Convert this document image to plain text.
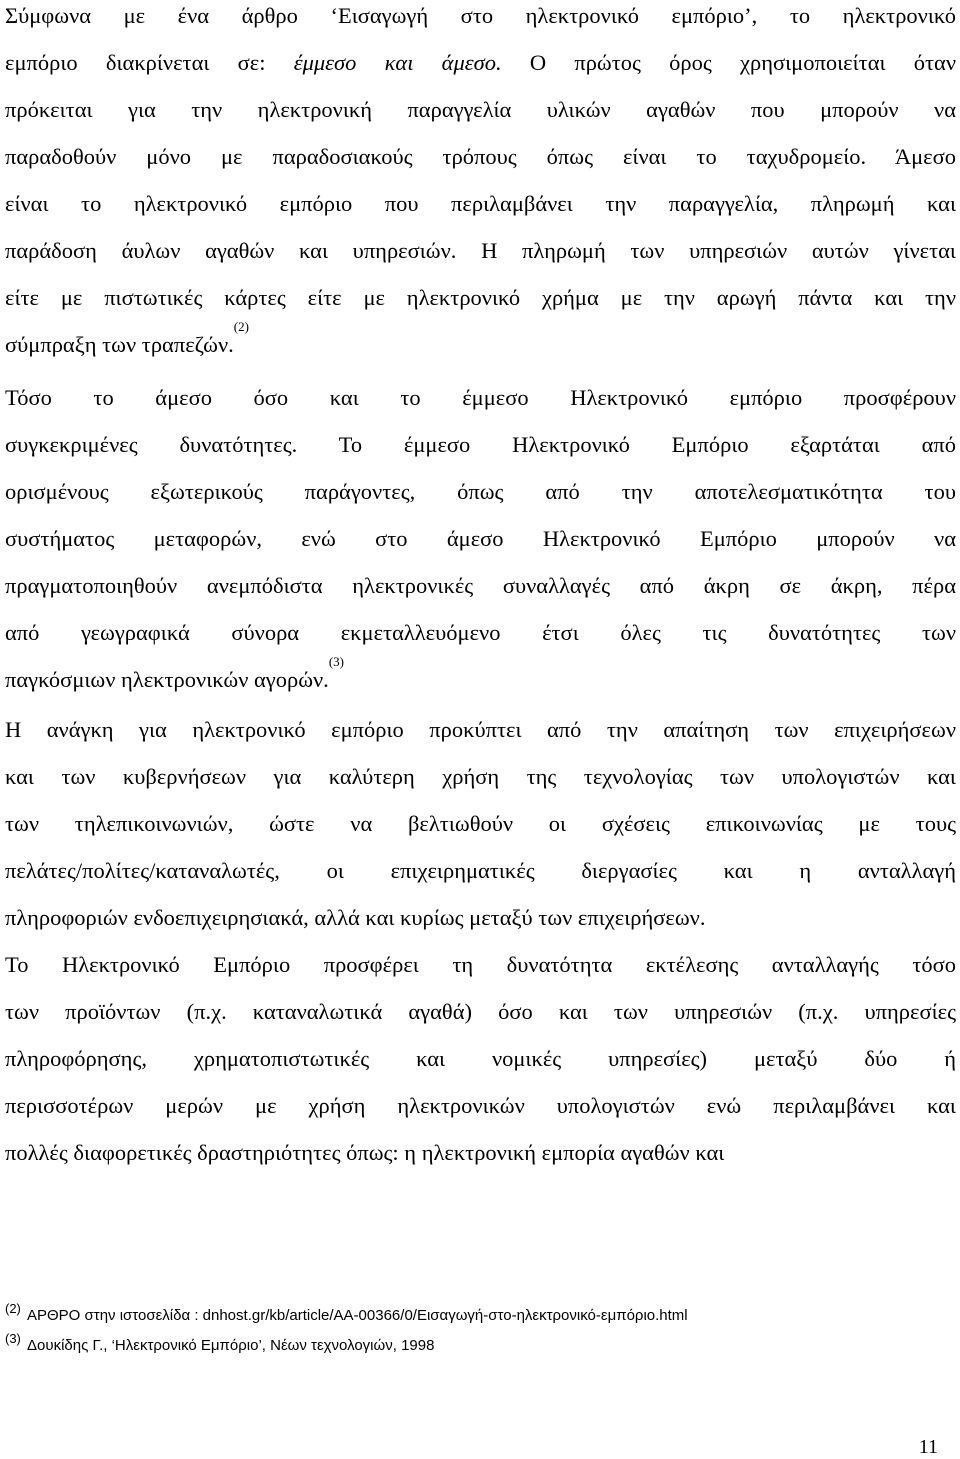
Σύμφωνα με ένα άρθρο ‘Εισαγωγή στο ηλεκτρονικό εμπόριο’, το ηλεκτρονικό
εμπόριο διακρίνεται σε: έμμεσο και άμεσο. Ο πρώτος όρος χρησιμοποιείται όταν
πρόκειται για την ηλεκτρονική παραγγελία υλικών αγαθών που μπορούν να
παραδοθούν μόνο με παραδοσιακούς τρόπους όπως είναι το ταχυδρομείο. Άμεσο
είναι το ηλεκτρονικό εμπόριο που περιλαμβάνει την παραγγελία, πληρωμή και
παράδοση άυλων αγαθών και υπηρεσιών. Η πληρωμή των υπηρεσιών αυτών γίνεται
είτε με πιστωτικές κάρτες είτε με ηλεκτρονικό χρήμα με την αρωγή πάντα και την
σύμπραξη των τραπεζών.$^{(2)}$
Τόσο το άμεσο όσο και το έμμεσο Ηλεκτρονικό εμπόριο προσφέρουν
συγκεκριμένες δυνατότητες. Το έμμεσο Ηλεκτρονικό Εμπόριο εξαρτάται από
ορισμένους εξωτερικούς παράγοντες, όπως από την αποτελεσματικότητα του
συστήματος μεταφορών, ενώ στο άμεσο Ηλεκτρονικό Εμπόριο μπορούν να
πραγματοποιηθούν ανεμπόδιστα ηλεκτρονικές συναλλαγές από άκρη σε άκρη, πέρα
από γεωγραφικά σύνορα εκμεταλλευόμενο έτσι όλες τις δυνατότητες των
παγκόσμιων ηλεκτρονικών αγορών.$^{(3)}$
Η ανάγκη για ηλεκτρονικό εμπόριο προκύπτει από την απαίτηση των επιχειρήσεων
και των κυβερνήσεων για καλύτερη χρήση της τεχνολογίας των υπολογιστών και
των τηλεπικοινωνιών, ώστε να βελτιωθούν οι σχέσεις επικοινωνίας με τους
πελάτες/πολίτες/καταναλωτές, οι επιχειρηματικές διεργασίες και η ανταλλαγή
πληροφοριών ενδοεπιχειρησιακά, αλλά και κυρίως μεταξύ των επιχειρήσεων.
Το Ηλεκτρονικό Εμπόριο προσφέρει τη δυνατότητα εκτέλεσης ανταλλαγής τόσο
των προϊόντων (π.χ. καταναλωτικά αγαθά) όσο και των υπηρεσιών (π.χ. υπηρεσίες
πληροφόρησης, χρηματοπιστωτικές και νομικές υπηρεσίες) μεταξύ δύο ή
περισσοτέρων μερών με χρήση ηλεκτρονικών υπολογιστών ενώ περιλαμβάνει και
πολλές διαφορετικές δραστηριότητες όπως: η ηλεκτρονική εμπορία αγαθών και
(2) ΑΡΘΡΟ στην ιστοσελίδα : dnhost.gr/kb/article/AA-00366/0/Εισαγωγή-στο-ηλεκτρονικό-εμπόριο.html
(3) Δουκίδης Γ., ‘Ηλεκτρονικό Εμπόριο’, Νέων τεχνολογιών, 1998
11
